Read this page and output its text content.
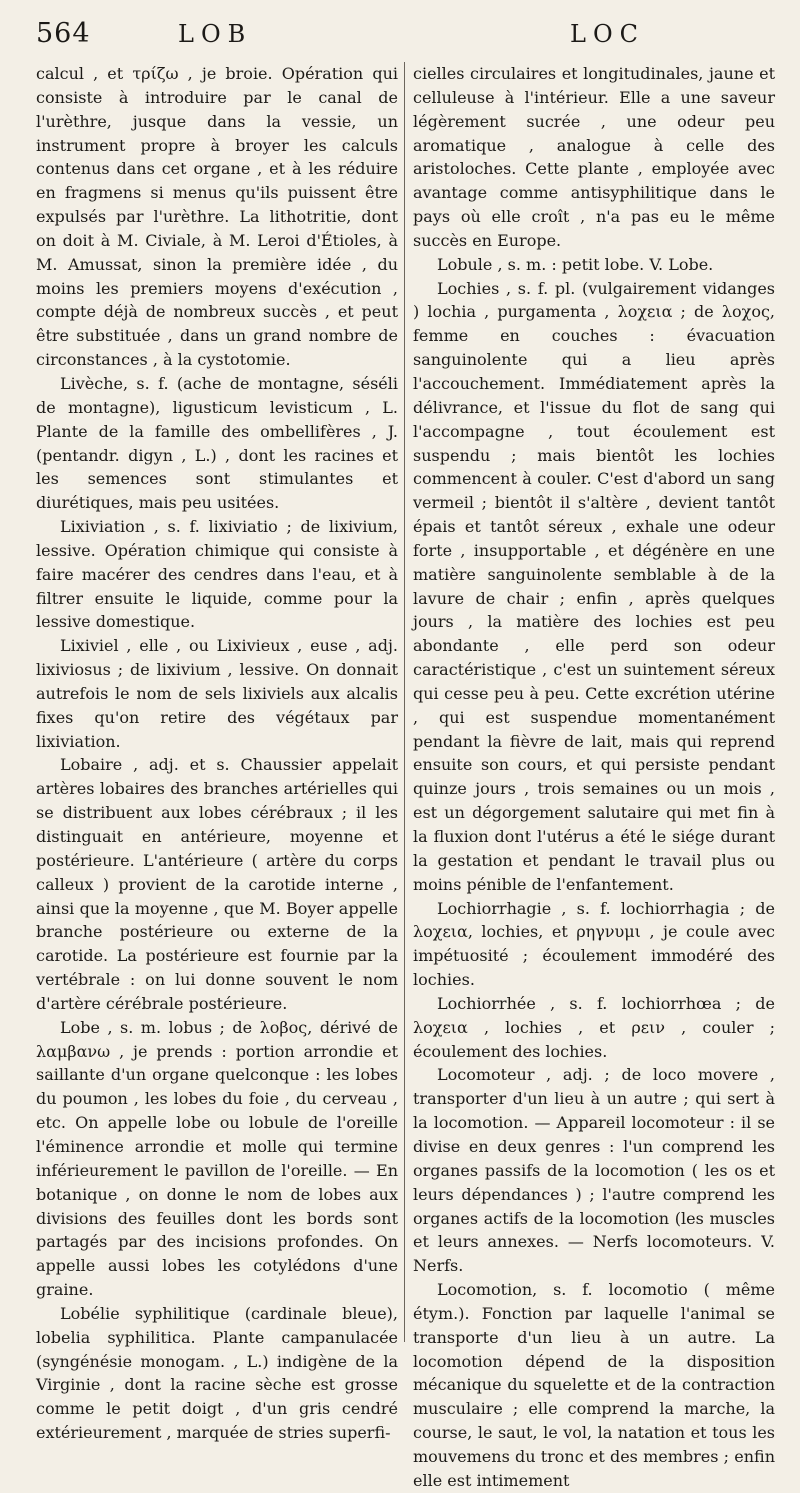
564	LOB	LOC

calcul , et τρίζω , je broie. Opération qui consiste à introduire par le canal de l'urèthre, jusque dans la vessie, un instrument propre à broyer les calculs contenus dans cet organe , et à les réduire en fragmens si menus qu'ils puissent être expulsés par l'urèthre. La lithotritie, dont on doit à M. Civiale, à M. Leroi d'Étioles, à M. Amussat, sinon la première idée , du moins les premiers moyens d'exécution , compte déjà de nombreux succès , et peut être substituée , dans un grand nombre de circonstances , à la cystotomie.

Livèche, s. f. (ache de montagne, séséli de montagne), ligusticum levisticum , L. Plante de la famille des ombellifères , J. (pentandr. digyn , L.) , dont les racines et les semences sont stimulantes et diurétiques, mais peu usitées.

Lixiviation , s. f. lixiviatio ; de lixivium, lessive. Opération chimique qui consiste à faire macérer des cendres dans l'eau, et à filtrer ensuite le liquide, comme pour la lessive domestique.

Lixiviel , elle , ou Lixivieux , euse , adj. lixiviosus ; de lixivium , lessive. On donnait autrefois le nom de sels lixiviels aux alcalis fixes qu'on retire des végétaux par lixiviation.

Lobaire , adj. et s. Chaussier appelait artères lobaires des branches artérielles qui se distribuent aux lobes cérébraux ; il les distinguait en antérieure, moyenne et postérieure. L'antérieure ( artère du corps calleux ) provient de la carotide interne , ainsi que la moyenne , que M. Boyer appelle branche postérieure ou externe de la carotide. La postérieure est fournie par la vertébrale : on lui donne souvent le nom d'artère cérébrale postérieure.

Lobe , s. m. lobus ; de λοβος, dérivé de λαμβανω , je prends : portion arrondie et saillante d'un organe quelconque : les lobes du poumon , les lobes du foie , du cerveau , etc. On appelle lobe ou lobule de l'oreille l'éminence arrondie et molle qui termine inférieurement le pavillon de l'oreille. — En botanique , on donne le nom de lobes aux divisions des feuilles dont les bords sont partagés par des incisions profondes. On appelle aussi lobes les cotylédons d'une graine.

Lobélie syphilitique (cardinale bleue), lobelia syphilitica. Plante campanulacée (syngénésie monogam. , L.) indigène de la Virginie , dont la racine sèche est grosse comme le petit doigt , d'un gris cendré extérieurement , marquée de stries superfi-

cielles circulaires et longitudinales, jaune et celluleuse à l'intérieur. Elle a une saveur légèrement sucrée , une odeur peu aromatique , analogue à celle des aristoloches. Cette plante , employée avec avantage comme antisyphilitique dans le pays où elle croît , n'a pas eu le même succès en Europe.

Lobule , s. m. : petit lobe. V. Lobe.

Lochies , s. f. pl. (vulgairement vidanges ) lochia , purgamenta , λοχεια ; de λοχος, femme en couches : évacuation sanguinolente qui a lieu après l'accouchement. Immédiatement après la délivrance, et l'issue du flot de sang qui l'accompagne , tout écoulement est suspendu ; mais bientôt les lochies commencent à couler. C'est d'abord un sang vermeil ; bientôt il s'altère , devient tantôt épais et tantôt séreux , exhale une odeur forte , insupportable , et dégénère en une matière sanguinolente semblable à de la lavure de chair ; enfin , après quelques jours , la matière des lochies est peu abondante , elle perd son odeur caractéristique , c'est un suintement séreux qui cesse peu à peu. Cette excrétion utérine , qui est suspendue momentanément pendant la fièvre de lait, mais qui reprend ensuite son cours, et qui persiste pendant quinze jours , trois semaines ou un mois , est un dégorgement salutaire qui met fin à la fluxion dont l'utérus a été le siége durant la gestation et pendant le travail plus ou moins pénible de l'enfantement.

Lochiorrhagie , s. f. lochiorrhagia ; de λοχεια, lochies, et ρηγνυμι , je coule avec impétuosité ; écoulement immodéré des lochies.

Lochiorrhée , s. f. lochiorrhœa ; de λοχεια , lochies , et ρειν , couler ; écoulement des lochies.

Locomoteur , adj. ; de loco movere , transporter d'un lieu à un autre ; qui sert à la locomotion. — Appareil locomoteur : il se divise en deux genres : l'un comprend les organes passifs de la locomotion ( les os et leurs dépendances ) ; l'autre comprend les organes actifs de la locomotion (les muscles et leurs annexes. — Nerfs locomoteurs. V. Nerfs.

Locomotion, s. f. locomotio ( même étym.). Fonction par laquelle l'animal se transporte d'un lieu à un autre. La locomotion dépend de la disposition mécanique du squelette et de la contraction musculaire ; elle comprend la marche, la course, le saut, le vol, la natation et tous les mouvemens du tronc et des membres ; enfin elle est intimement
